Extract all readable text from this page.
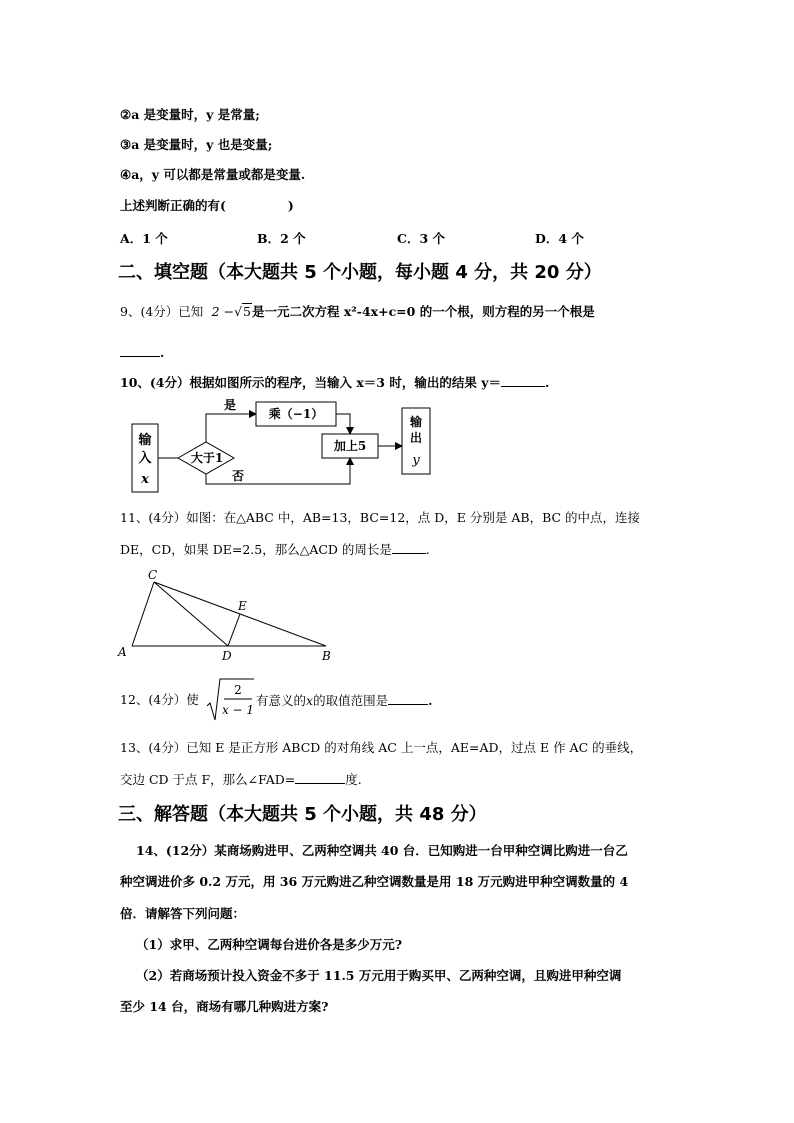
②a 是变量时，y 是常量;
③a 是变量时，y 也是变量;
④a，y 可以都是常量或都是变量.
上述判断正确的有(	)
A．1 个	B．2 个	C．3 个	D．4 个
二、填空题（本大题共 5 个小题，每小题 4 分，共 20 分）
9、(4分）已知 2 −√5是一元二次方程 x²-4x+c=0 的一个根，则方程的另一个根是
.
10、(4分）根据如图所示的程序，当输入 x＝3 时，输出的结果 y＝	.
输
入
x
大于1
是
乘（−1）
加上5
否
输
出
y
11、(4分）如图：在△ABC 中，AB=13，BC=12，点 D，E 分别是 AB，BC 的中点，连接
DE，CD，如果 DE=2.5，那么△ACD 的周长是	.
A
C
E
D	B
12、(4分）使
2
x − 1
有意义的x的取值范围是	.
13、(4分）已知 E 是正方形 ABCD 的对角线 AC 上一点，AE=AD，过点 E 作 AC 的垂线，
交边 CD 于点 F，那么∠FAD=	度.
三、解答题（本大题共 5 个小题，共 48 分）
14、(12分）某商场购进甲、乙两种空调共 40 台．已知购进一台甲种空调比购进一台乙
种空调进价多 0.2 万元，用 36 万元购进乙种空调数量是用 18 万元购进甲种空调数量的 4
倍．请解答下列问题：
（1）求甲、乙两种空调每台进价各是多少万元?
（2）若商场预计投入资金不多于 11.5 万元用于购买甲、乙两种空调，且购进甲种空调
至少 14 台，商场有哪几种购进方案?
